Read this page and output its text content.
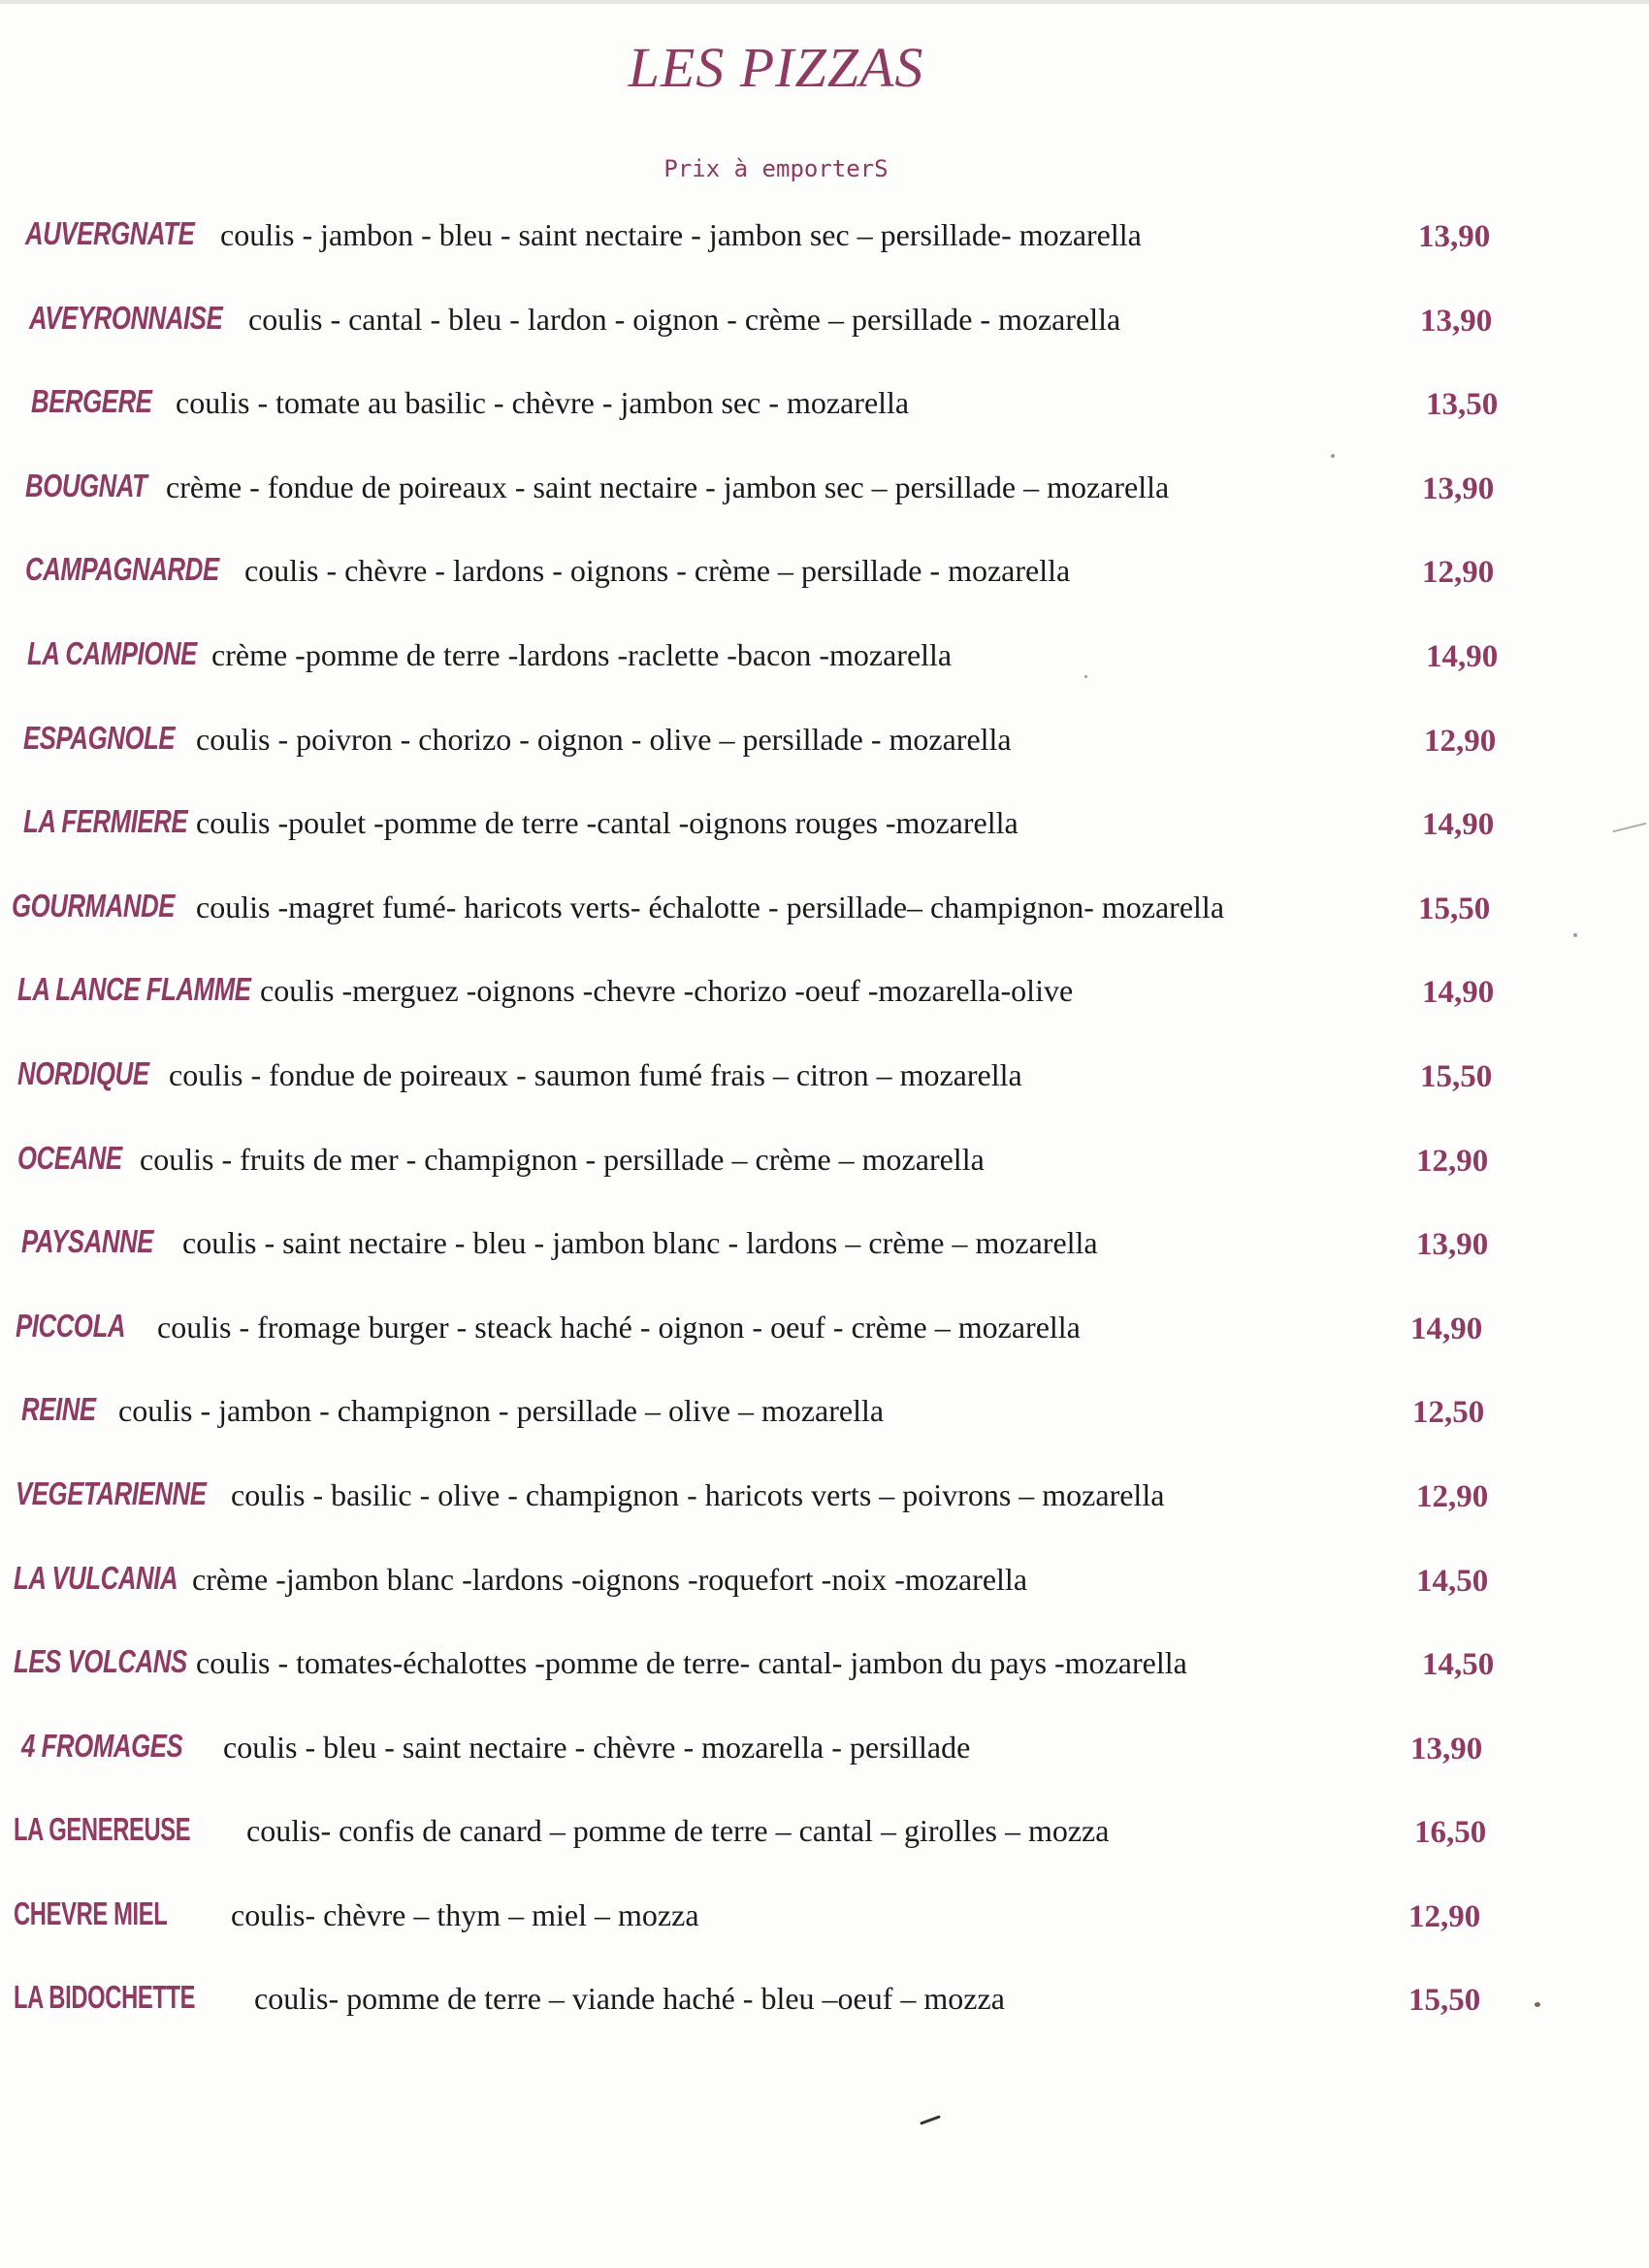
LES PIZZAS
Prix à emporterS
AUVERGNATE coulis - jambon - bleu - saint nectaire - jambon sec – persillade- mozarella	13,90
AVEYRONNAISE coulis - cantal - bleu - lardon - oignon - crème – persillade - mozarella	13,90
BERGERE coulis - tomate au basilic - chèvre - jambon sec - mozarella	13,50
BOUGNAT crème - fondue de poireaux - saint nectaire - jambon sec – persillade – mozarella	13,90
CAMPAGNARDE coulis - chèvre - lardons - oignons - crème – persillade - mozarella	12,90
LA CAMPIONE crème -pomme de terre -lardons -raclette -bacon -mozarella	14,90
ESPAGNOLE coulis - poivron - chorizo - oignon - olive – persillade - mozarella	12,90
LA FERMIERE coulis -poulet -pomme de terre -cantal -oignons rouges -mozarella	14,90
GOURMANDE coulis -magret fumé- haricots verts- échalotte - persillade– champignon- mozarella	15,50
LA LANCE FLAMME coulis -merguez -oignons -chevre -chorizo -oeuf -mozarella-olive	14,90
NORDIQUE coulis - fondue de poireaux - saumon fumé frais – citron – mozarella	15,50
OCEANE coulis - fruits de mer - champignon - persillade – crème – mozarella	12,90
PAYSANNE coulis - saint nectaire - bleu - jambon blanc - lardons – crème – mozarella	13,90
PICCOLA coulis - fromage burger - steack haché - oignon - oeuf - crème – mozarella	14,90
REINE coulis - jambon - champignon - persillade – olive – mozarella	12,50
VEGETARIENNE coulis - basilic - olive - champignon - haricots verts – poivrons – mozarella	12,90
LA VULCANIA crème -jambon blanc -lardons -oignons -roquefort -noix -mozarella	14,50
LES VOLCANS coulis - tomates-échalottes -pomme de terre- cantal- jambon du pays -mozarella	14,50
4 FROMAGES coulis - bleu - saint nectaire - chèvre - mozarella - persillade	13,90
LA GENEREUSE coulis- confis de canard – pomme de terre – cantal – girolles – mozza	16,50
CHEVRE MIEL coulis- chèvre – thym – miel – mozza	12,90
LA BIDOCHETTE coulis- pomme de terre – viande haché - bleu –oeuf – mozza	15,50
